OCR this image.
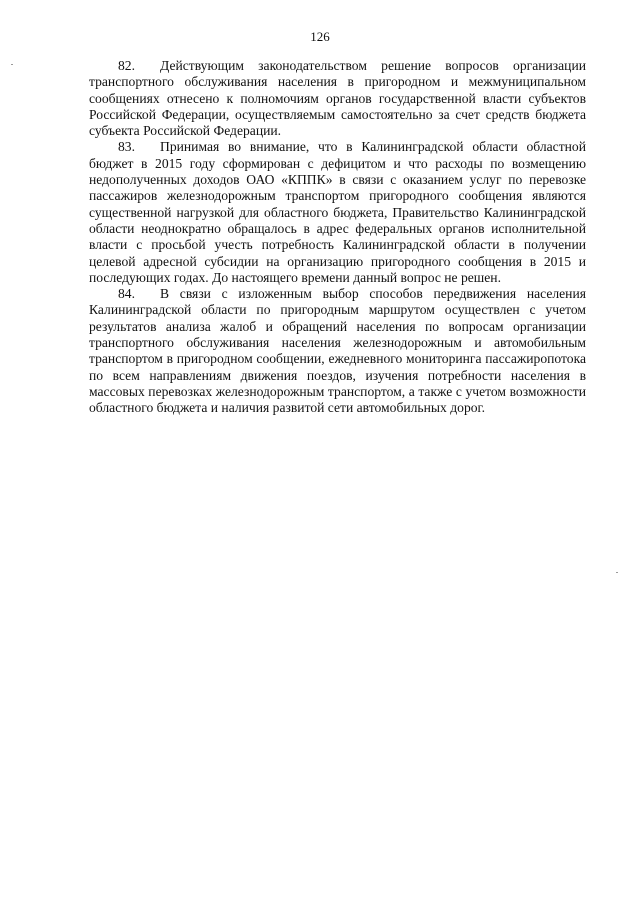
126

82. Действующим законодательством решение вопросов организации транспортного обслуживания населения в пригородном и межмуниципальном сообщениях отнесено к полномочиям органов государственной власти субъектов Российской Федерации, осуществляемым самостоятельно за счет средств бюджета субъекта Российской Федерации.

83. Принимая во внимание, что в Калининградской области областной бюджет в 2015 году сформирован с дефицитом и что расходы по возмещению недополученных доходов ОАО «КППК» в связи с оказанием услуг по перевозке пассажиров железнодорожным транспортом пригородного сообщения являются существенной нагрузкой для областного бюджета, Правительство Калининградской области неоднократно обращалось в адрес федеральных органов исполнительной власти с просьбой учесть потребность Калининградской области в получении целевой адресной субсидии на организацию пригородного сообщения в 2015 и последующих годах. До настоящего времени данный вопрос не решен.

84. В связи с изложенным выбор способов передвижения населения Калининградской области по пригородным маршрутом осуществлен с учетом результатов анализа жалоб и обращений населения по вопросам организации транспортного обслуживания населения железнодорожным и автомобильным транспортом в пригородном сообщении, ежедневного мониторинга пассажиропотока по всем направлениям движения поездов, изучения потребности населения в массовых перевозках железнодорожным транспортом, а также с учетом возможности областного бюджета и наличия развитой сети автомобильных дорог.
